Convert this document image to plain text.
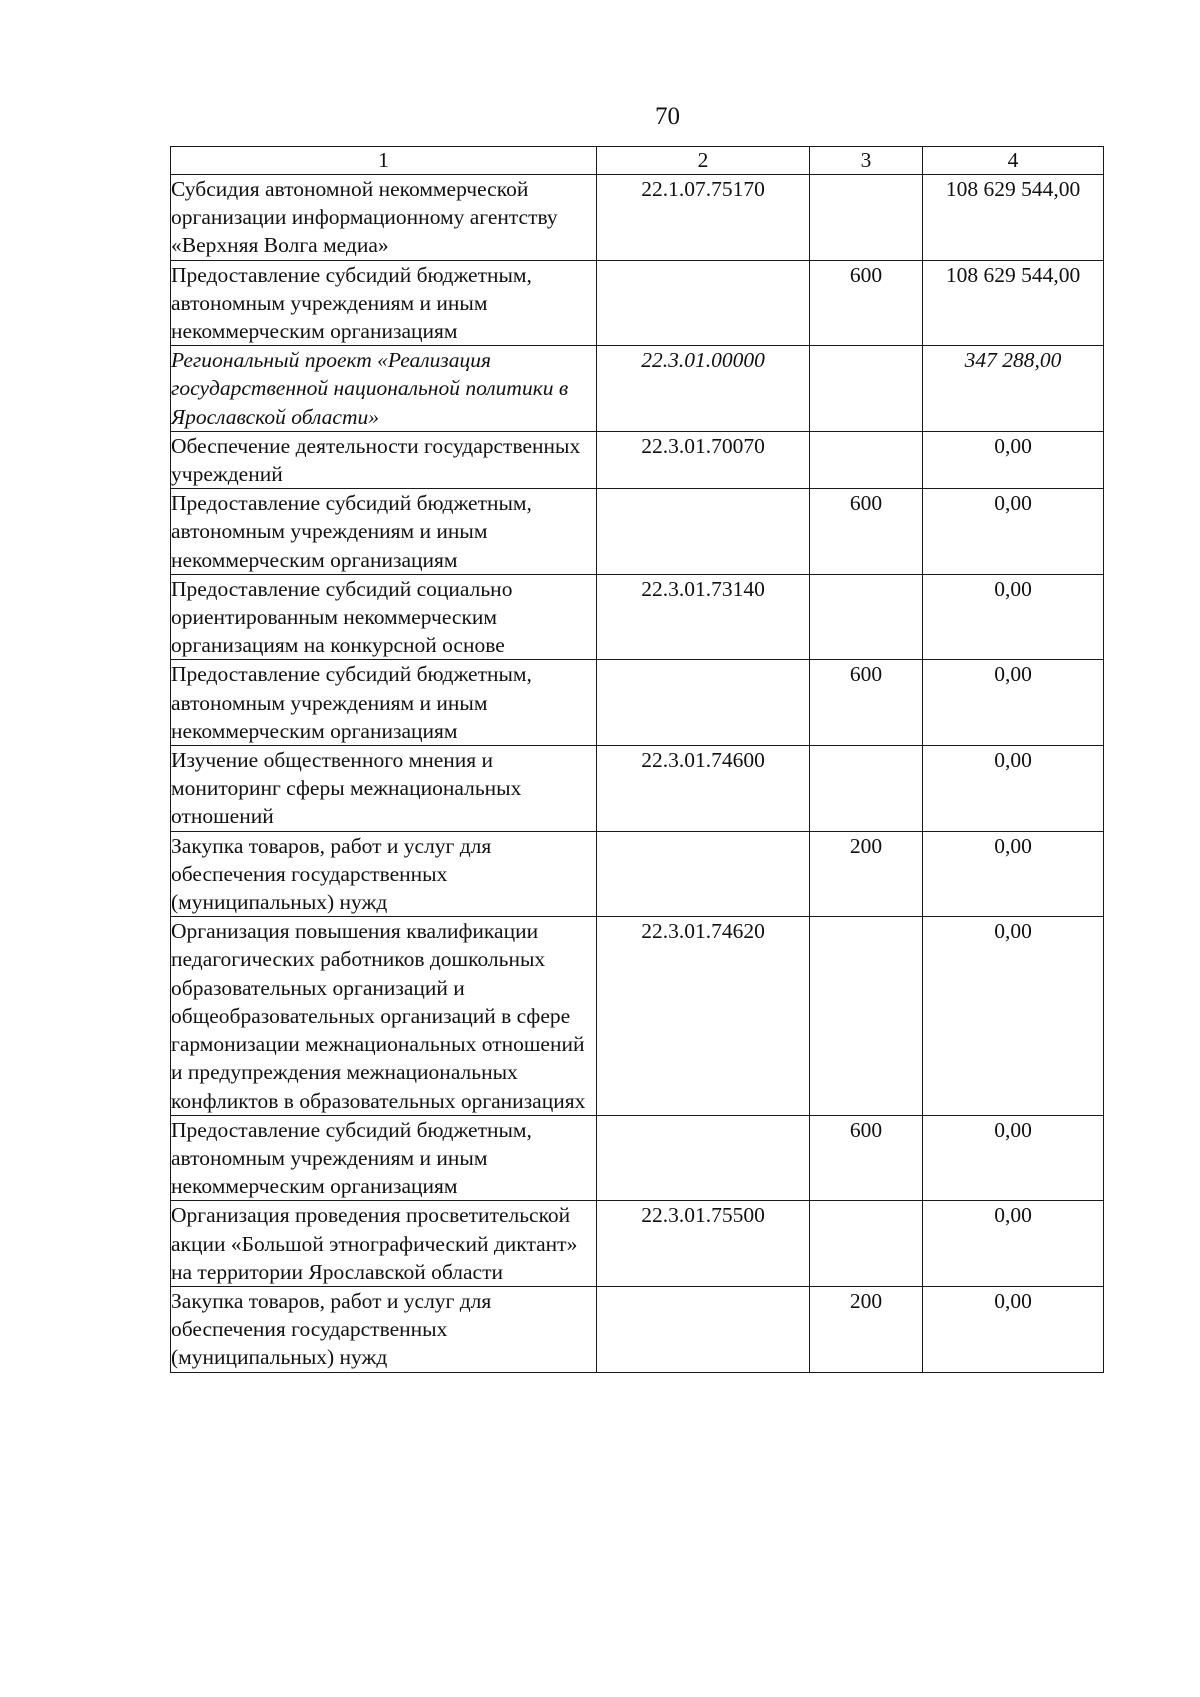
70
1	2	3	4
Субсидия автономной некоммерческой организации информационному агентству «Верхняя Волга медиа»	22.1.07.75170		108 629 544,00
Предоставление субсидий бюджетным, автономным учреждениям и иным некоммерческим организациям		600	108 629 544,00
Региональный проект «Реализация государственной национальной политики в Ярославской области»	22.3.01.00000		347 288,00
Обеспечение деятельности государственных учреждений	22.3.01.70070		0,00
Предоставление субсидий бюджетным, автономным учреждениям и иным некоммерческим организациям		600	0,00
Предоставление субсидий социально ориентированным некоммерческим организациям на конкурсной основе	22.3.01.73140		0,00
Предоставление субсидий бюджетным, автономным учреждениям и иным некоммерческим организациям		600	0,00
Изучение общественного мнения и мониторинг сферы межнациональных отношений	22.3.01.74600		0,00
Закупка товаров, работ и услуг для обеспечения государственных (муниципальных) нужд		200	0,00
Организация повышения квалификации педагогических работников дошкольных образовательных организаций и общеобразовательных организаций в сфере гармонизации межнациональных отношений и предупреждения межнациональных конфликтов в образовательных организациях	22.3.01.74620		0,00
Предоставление субсидий бюджетным, автономным учреждениям и иным некоммерческим организациям		600	0,00
Организация проведения просветительской акции «Большой этнографический диктант» на территории Ярославской области	22.3.01.75500		0,00
Закупка товаров, работ и услуг для обеспечения государственных (муниципальных) нужд		200	0,00
